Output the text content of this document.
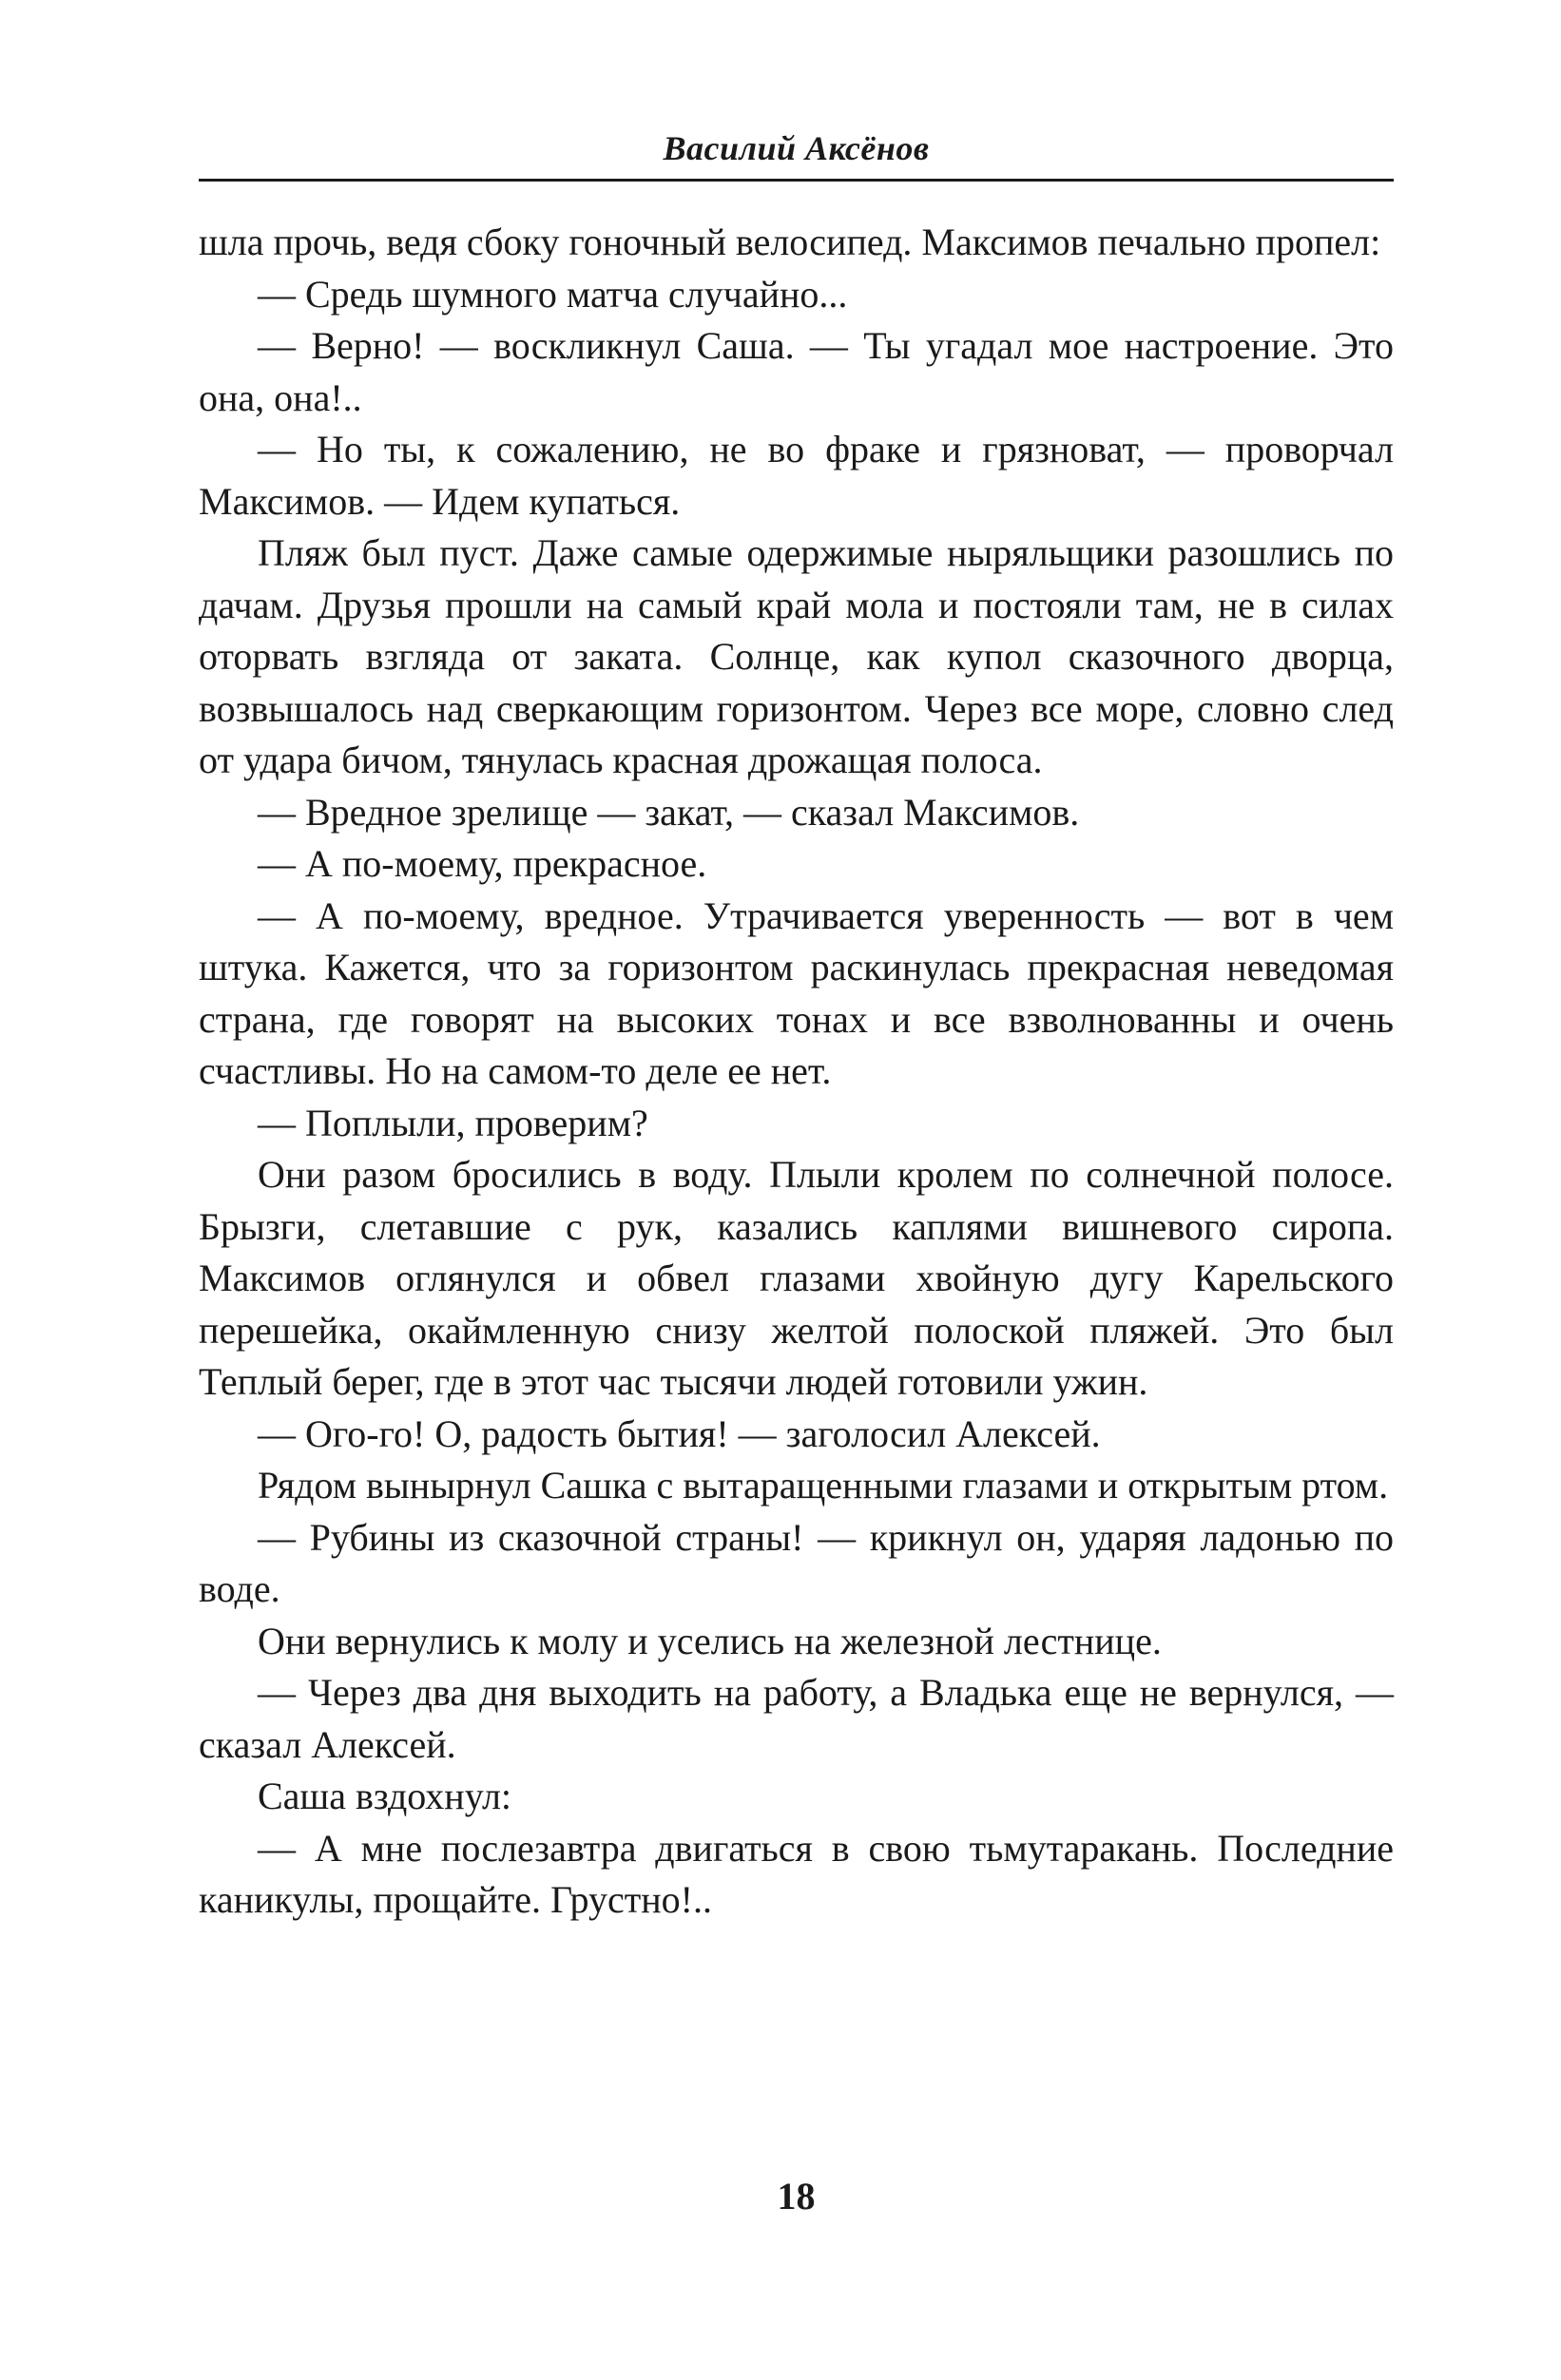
Василий Аксёнов

шла прочь, ведя сбоку гоночный велосипед. Максимов печально пропел:

— Средь шумного матча случайно...

— Верно! — воскликнул Саша. — Ты угадал мое настроение. Это она, она!..

— Но ты, к сожалению, не во фраке и грязноват, — проворчал Максимов. — Идем купаться.

Пляж был пуст. Даже самые одержимые ныряльщики разошлись по дачам. Друзья прошли на самый край мола и постояли там, не в силах оторвать взгляда от заката. Солнце, как купол сказочного дворца, возвышалось над сверкающим горизонтом. Через все море, словно след от удара бичом, тянулась красная дрожащая полоса.

— Вредное зрелище — закат, — сказал Максимов.

— А по-моему, прекрасное.

— А по-моему, вредное. Утрачивается уверенность — вот в чем штука. Кажется, что за горизонтом раскинулась прекрасная неведомая страна, где говорят на высоких тонах и все взволнованны и очень счастливы. Но на самом-то деле ее нет.

— Поплыли, проверим?

Они разом бросились в воду. Плыли кролем по солнечной полосе. Брызги, слетавшие с рук, казались каплями вишневого сиропа. Максимов оглянулся и обвел глазами хвойную дугу Карельского перешейка, окаймленную снизу желтой полоской пляжей. Это был Теплый берег, где в этот час тысячи людей готовили ужин.

— Ого-го! О, радость бытия! — заголосил Алексей.

Рядом вынырнул Сашка с вытаращенными глазами и открытым ртом.

— Рубины из сказочной страны! — крикнул он, ударяя ладонью по воде.

Они вернулись к молу и уселись на железной лестнице.

— Через два дня выходить на работу, а Владька еще не вернулся, — сказал Алексей.

Саша вздохнул:

— А мне послезавтра двигаться в свою тьмутаракань. Последние каникулы, прощайте. Грустно!..

18
